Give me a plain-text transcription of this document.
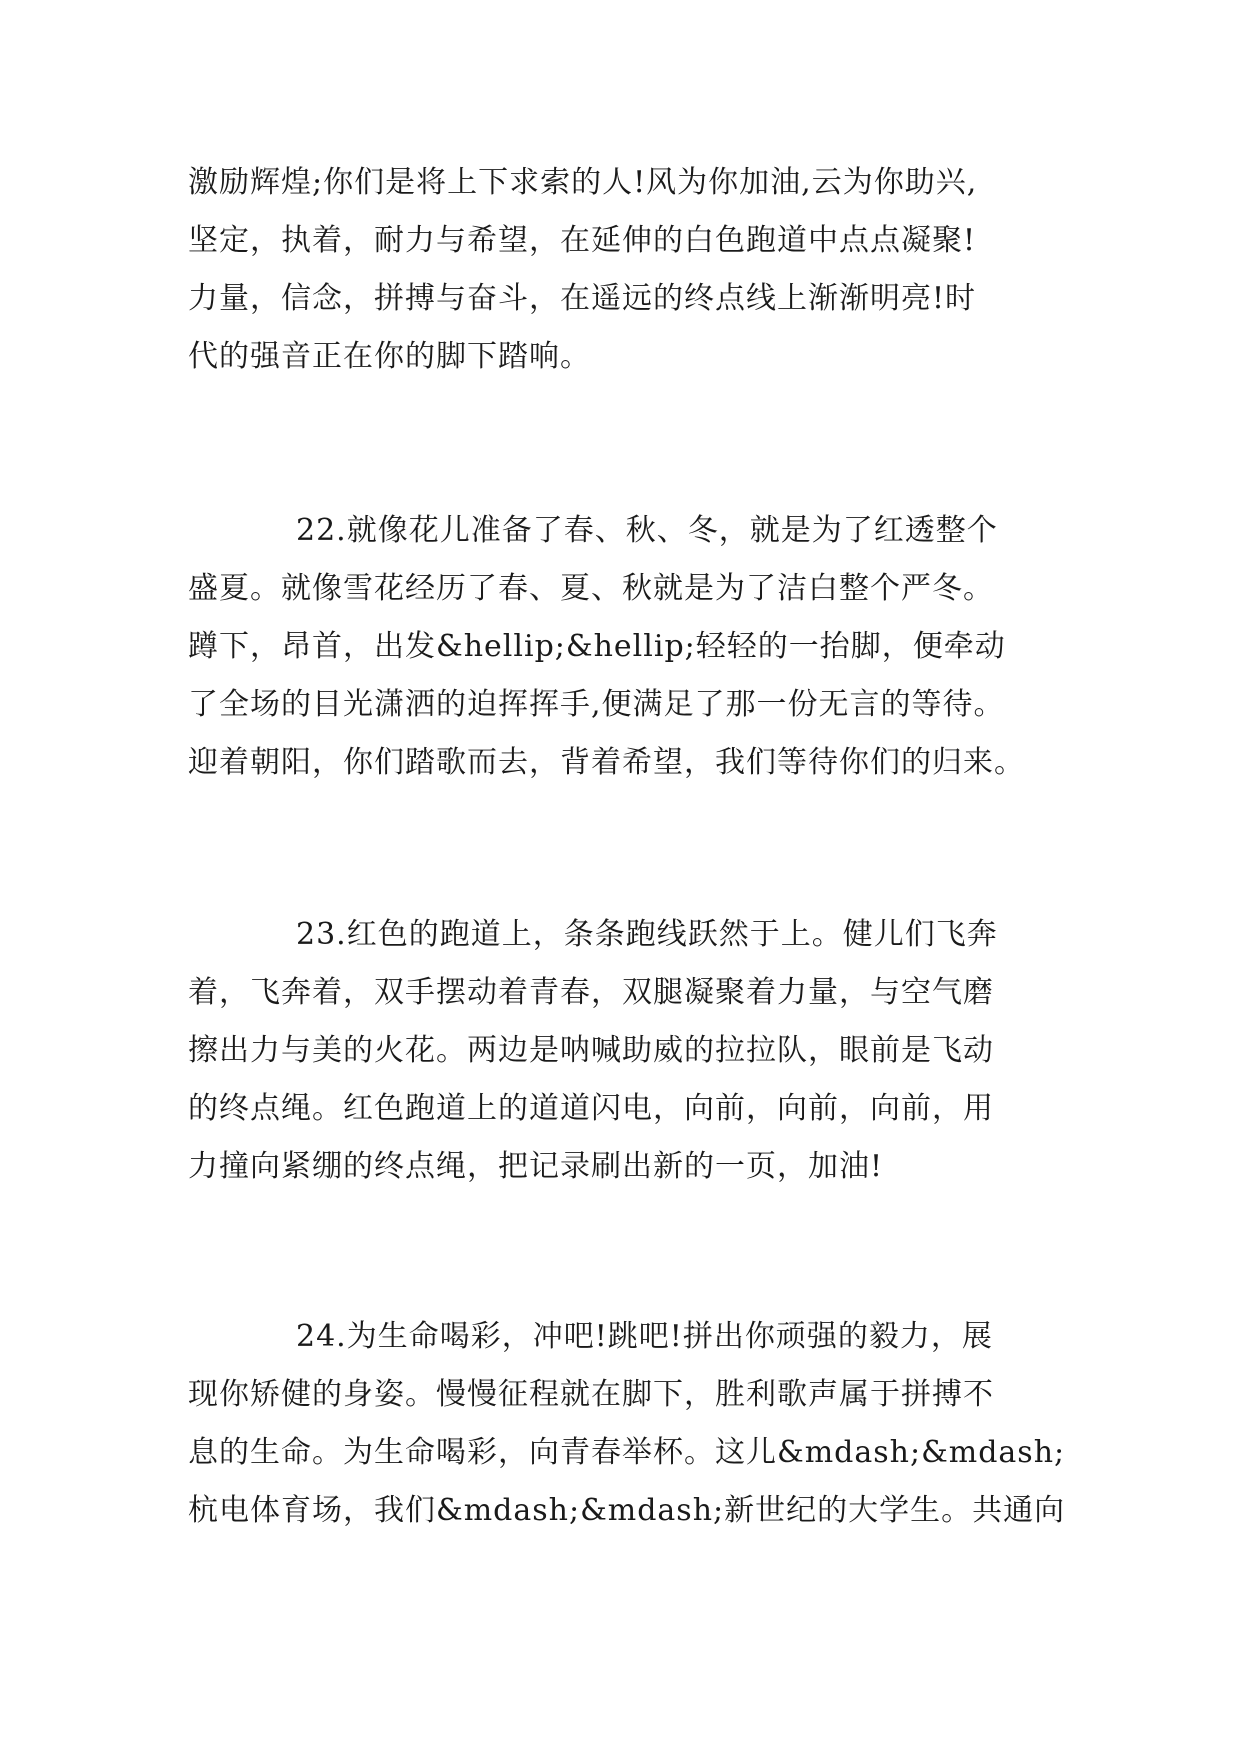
激励辉煌;你们是将上下求索的人!风为你加油,云为你助兴,
坚定，执着，耐力与希望，在延伸的白色跑道中点点凝聚!
力量，信念，拼搏与奋斗，在遥远的终点线上渐渐明亮!时
代的强音正在你的脚下踏响。
22.就像花儿准备了春、秋、冬，就是为了红透整个
盛夏。就像雪花经历了春、夏、秋就是为了洁白整个严冬。
蹲下，昂首，出发&hellip;&hellip;轻轻的一抬脚，便牵动
了全场的目光潇洒的迫挥挥手,便满足了那一份无言的等待。
迎着朝阳，你们踏歌而去，背着希望，我们等待你们的归来。
23.红色的跑道上，条条跑线跃然于上。健儿们飞奔
着，飞奔着，双手摆动着青春，双腿凝聚着力量，与空气磨
擦出力与美的火花。两边是呐喊助威的拉拉队，眼前是飞动
的终点绳。红色跑道上的道道闪电，向前，向前，向前，用
力撞向紧绷的终点绳，把记录刷出新的一页，加油!
24.为生命喝彩，冲吧!跳吧!拼出你顽强的毅力，展
现你矫健的身姿。慢慢征程就在脚下，胜利歌声属于拼搏不
息的生命。为生命喝彩，向青春举杯。这儿&mdash;&mdash;
杭电体育场，我们&mdash;&mdash;新世纪的大学生。共通向
